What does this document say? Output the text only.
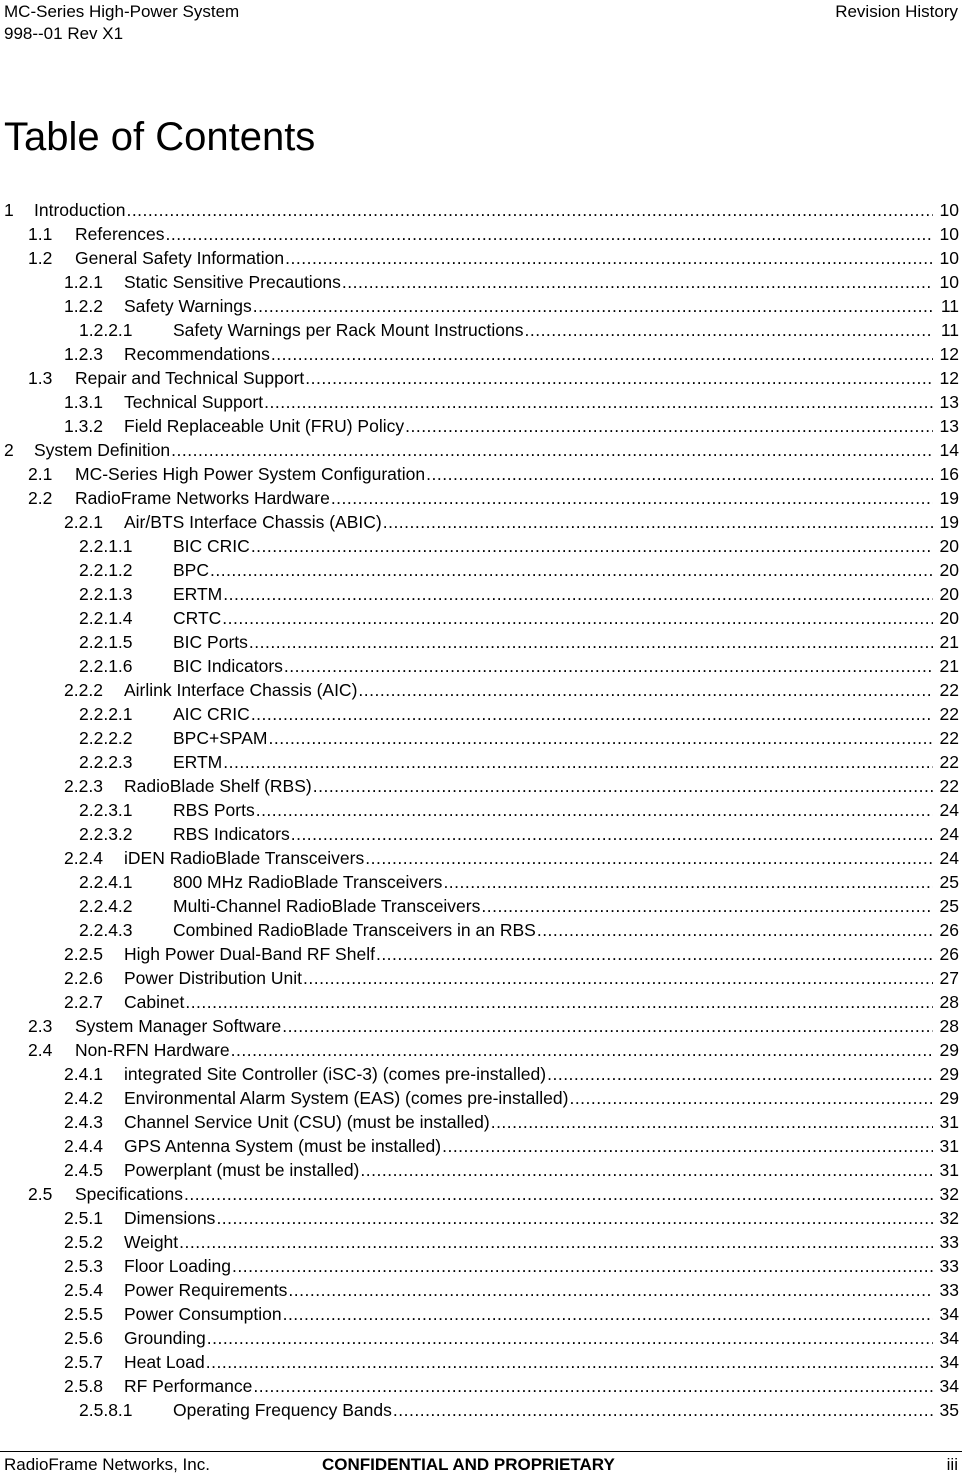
MC-Series High-Power System
998--01 Rev X1
Revision History
Table of Contents
1 Introduction .....	10
1.1 References .....	10
1.2 General Safety Information .....	10
1.2.1 Static Sensitive Precautions .....	10
1.2.2 Safety Warnings .....	11
1.2.2.1 Safety Warnings per Rack Mount Instructions .....	11
1.2.3 Recommendations .....	12
1.3 Repair and Technical Support .....	12
1.3.1 Technical Support .....	13
1.3.2 Field Replaceable Unit (FRU) Policy .....	13
2 System Definition .....	14
2.1 MC-Series High Power System Configuration .....	16
2.2 RadioFrame Networks Hardware .....	19
2.2.1 Air/BTS Interface Chassis (ABIC) .....	19
2.2.1.1 BIC CRIC .....	20
2.2.1.2 BPC .....	20
2.2.1.3 ERTM .....	20
2.2.1.4 CRTC .....	20
2.2.1.5 BIC Ports .....	21
2.2.1.6 BIC Indicators .....	21
2.2.2 Airlink Interface Chassis (AIC) .....	22
2.2.2.1 AIC CRIC .....	22
2.2.2.2 BPC+SPAM .....	22
2.2.2.3 ERTM .....	22
2.2.3 RadioBlade Shelf (RBS) .....	22
2.2.3.1 RBS Ports .....	24
2.2.3.2 RBS Indicators .....	24
2.2.4 iDEN RadioBlade Transceivers .....	24
2.2.4.1 800 MHz RadioBlade Transceivers .....	25
2.2.4.2 Multi-Channel RadioBlade Transceivers .....	25
2.2.4.3 Combined RadioBlade Transceivers in an RBS .....	26
2.2.5 High Power Dual-Band RF Shelf .....	26
2.2.6 Power Distribution Unit .....	27
2.2.7 Cabinet .....	28
2.3 System Manager Software .....	28
2.4 Non-RFN Hardware .....	29
2.4.1 integrated Site Controller (iSC-3) (comes pre-installed) .....	29
2.4.2 Environmental Alarm System (EAS) (comes pre-installed) .....	29
2.4.3 Channel Service Unit (CSU) (must be installed) .....	31
2.4.4 GPS Antenna System (must be installed) .....	31
2.4.5 Powerplant (must be installed) .....	31
2.5 Specifications .....	32
2.5.1 Dimensions .....	32
2.5.2 Weight .....	33
2.5.3 Floor Loading .....	33
2.5.4 Power Requirements .....	33
2.5.5 Power Consumption .....	34
2.5.6 Grounding .....	34
2.5.7 Heat Load .....	34
2.5.8 RF Performance .....	34
2.5.8.1 Operating Frequency Bands .....	35
RadioFrame Networks, Inc.	CONFIDENTIAL AND PROPRIETARY	iii
